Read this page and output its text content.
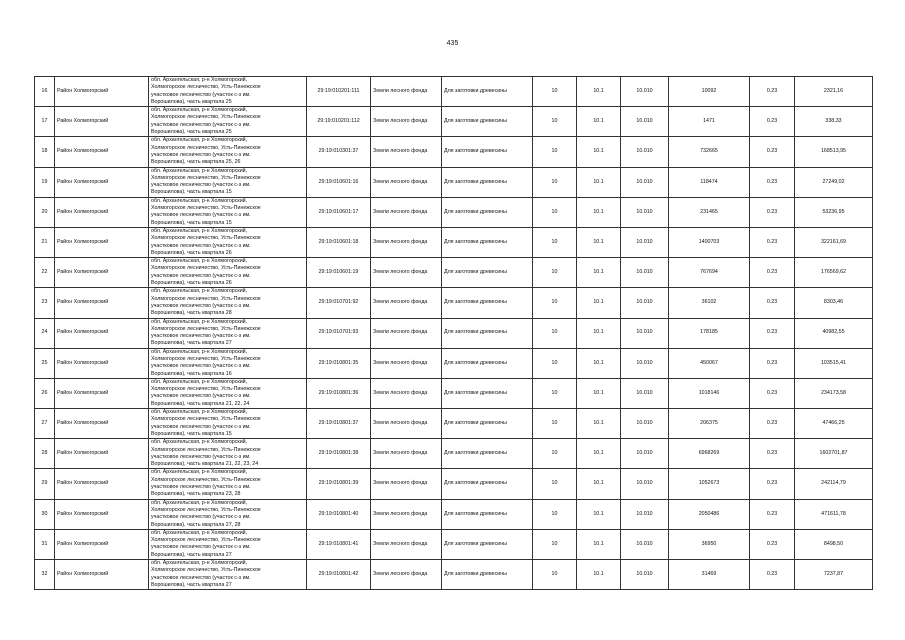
435
16	Район Холмогорский	обл. Архангельская, р-н Холмогорский,
Холмогорское лесничество, Усть-Пинежское
участковое лесничество (участок с-з им.
Ворошилова), часть квартала 25	29:19:010201:111	Земли лесного фонда	Для заготовки древесины	10	10.1	10.010	10092	0.23	2321,16
17	Район Холмогорский	обл. Архангельская, р-н Холмогорский,
Холмогорское лесничество, Усть-Пинежское
участковое лесничество (участок с-з им.
Ворошилова), часть квартала 25	29:19:010201:112	Земли лесного фонда	Для заготовки древесины	10	10.1	10.010	1471	0.23	338,33
18	Район Холмогорский	обл. Архангельская, р-н Холмогорский,
Холмогорское лесничество, Усть-Пинежское
участковое лесничество (участок с-з им.
Ворошилова), часть квартала 25, 26	29:19:010301:37	Земли лесного фонда	Для заготовки древесины	10	10.1	10.010	732665	0.23	168513,95
19	Район Холмогорский	обл. Архангельская, р-н Холмогорский,
Холмогорское лесничество, Усть-Пинежское
участковое лесничество (участок с-з им.
Ворошилова), часть квартала 15	29:19:010601:16	Земли лесного фонда	Для заготовки древесины	10	10.1	10.010	118474	0.23	27249,02
20	Район Холмогорский	обл. Архангельская, р-н Холмогорский,
Холмогорское лесничество, Усть-Пинежское
участковое лесничество (участок с-з им.
Ворошилова), часть квартала 15	29:19:010601:17	Земли лесного фонда	Для заготовки древесины	10	10.1	10.010	231465	0.23	53236,95
21	Район Холмогорский	обл. Архангельская, р-н Холмогорский,
Холмогорское лесничество, Усть-Пинежское
участковое лесничество (участок с-з им.
Ворошилова), часть квартала 26	29:19:010601:18	Земли лесного фонда	Для заготовки древесины	10	10.1	10.010	1400703	0.23	322161,69
22	Район Холмогорский	обл. Архангельская, р-н Холмогорский,
Холмогорское лесничество, Усть-Пинежское
участковое лесничество (участок с-з им.
Ворошилова), часть квартала 26	29:19:010601:19	Земли лесного фонда	Для заготовки древесины	10	10.1	10.010	767694	0.23	176569,62
23	Район Холмогорский	обл. Архангельская, р-н Холмогорский,
Холмогорское лесничество, Усть-Пинежское
участковое лесничество (участок с-з им.
Ворошилова), часть квартала 28	29:19:010701:92	Земли лесного фонда	Для заготовки древесины	10	10.1	10.010	36102	0.23	8303,46
24	Район Холмогорский	обл. Архангельская, р-н Холмогорский,
Холмогорское лесничество, Усть-Пинежское
участковое лесничество (участок с-з им.
Ворошилова), часть квартала 27	29:19:010701:93	Земли лесного фонда	Для заготовки древесины	10	10.1	10.010	178185	0.23	40982,55
25	Район Холмогорский	обл. Архангельская, р-н Холмогорский,
Холмогорское лесничество, Усть-Пинежское
участковое лесничество (участок с-з им.
Ворошилова), часть квартала 16	29:19:010801:35	Земли лесного фонда	Для заготовки древесины	10	10.1	10.010	450067	0.23	103515,41
26	Район Холмогорский	обл. Архангельская, р-н Холмогорский,
Холмогорское лесничество, Усть-Пинежское
участковое лесничество (участок с-з им.
Ворошилова), часть квартала 21, 22, 24	29:19:010801:36	Земли лесного фонда	Для заготовки древесины	10	10.1	10.010	1018146	0.23	234173,58
27	Район Холмогорский	обл. Архангельская, р-н Холмогорский,
Холмогорское лесничество, Усть-Пинежское
участковое лесничество (участок с-з им.
Ворошилова), часть квартала 15	29:19:010801:37	Земли лесного фонда	Для заготовки древесины	10	10.1	10.010	206375	0.23	47466,25
28	Район Холмогорский	обл. Архангельская, р-н Холмогорский,
Холмогорское лесничество, Усть-Пинежское
участковое лесничество (участок с-з им.
Ворошилова), часть квартала 21, 22, 23, 24	29:19:010801:38	Земли лесного фонда	Для заготовки древесины	10	10.1	10.010	6968269	0.23	1602701,87
29	Район Холмогорский	обл. Архангельская, р-н Холмогорский,
Холмогорское лесничество, Усть-Пинежское
участковое лесничество (участок с-з им.
Ворошилова), часть квартала 23, 28	29:19:010801:39	Земли лесного фонда	Для заготовки древесины	10	10.1	10.010	1052673	0.23	242114,79
30	Район Холмогорский	обл. Архангельская, р-н Холмогорский,
Холмогорское лесничество, Усть-Пинежское
участковое лесничество (участок с-з им.
Ворошилова), часть квартала 27, 28	29:19:010801:40	Земли лесного фонда	Для заготовки древесины	10	10.1	10.010	2050486	0.23	471611,78
31	Район Холмогорский	обл. Архангельская, р-н Холмогорский,
Холмогорское лесничество, Усть-Пинежское
участковое лесничество (участок с-з им.
Ворошилова), часть квартала 27	29:19:010801:41	Земли лесного фонда	Для заготовки древесины	10	10.1	10.010	36950	0.23	8498,50
32	Район Холмогорский	обл. Архангельская, р-н Холмогорский,
Холмогорское лесничество, Усть-Пинежское
участковое лесничество (участок с-з им.
Ворошилова), часть квартала 27	29:19:010801:42	Земли лесного фонда	Для заготовки древесины	10	10.1	10.010	31469	0.23	7237,87
